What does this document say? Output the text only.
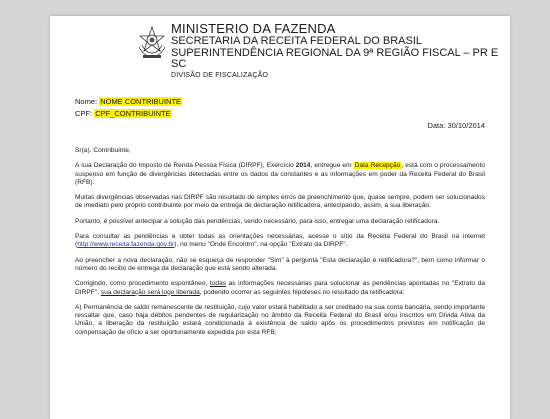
MINISTERIO DA FAZENDA
SECRETARIA DA RECEITA FEDERAL DO BRASIL
SUPERINTENDÊNCIA REGIONAL DA 9ª REGIÃO FISCAL – PR E SC
DIVISÃO DE FISCALIZAÇÃO
Nome: NOME CONTRIBUINTE
CPF: CPF_CONTRIBUINTE
Data: 30/10/2014

Sr(a). Contribuinte,

A sua Declaração do Imposto de Renda Pessoa Física (DIRPF), Exercício 2014, entregue em Data Recepção, está com o processamento suspenso em função de divergências detectadas entre os dados da constantes e as informações em poder da Receita Federal do Brasil (RFB).

Muitas divergências observadas nas DIRPF são resultado de simples erros de preenchimento que, quase sempre, podem ser solucionados de imediato pelo próprio contribuinte por meio da entrega de declaração retificadora, antecipando, assim, a sua liberação.

Portanto, é possível antecipar a solução das pendências, sendo necessário, para isso, entregar uma declaração retificadora.

Para consultar as pendências e obter todas as orientações necessárias, acesse o sítio da Receita Federal do Brasil na internet (http://www.receita.fazenda.gov.br), no menu "Onde Encontro", na opção "Extrato da DIRPF".

Ao preencher a nova declaração, não se esqueça de responder "Sim" à pergunta "Esta declaração é retificadora?", bem como informar o número do recibo de entrega da declaração que está sendo alterada.

Corrigindo, como procedimento espontâneo, todas as informações necessárias para solucionar as pendências apontadas no "Extrato da DIRPF", sua declaração será logo liberada, podendo ocorrer as seguintes hipóteses no resultado da retificadora:

A) Permanência de saldo remanescente de restituição, cujo valor estará habilitado a ser creditado na sua conta bancária, sendo importante ressaltar que, caso haja débitos pendentes de regularização no âmbito da Receita Federal do Brasil e/ou inscritos em Dívida Ativa da União, a liberação da restituição estará condicionada à existência de saldo após os procedimentos previstos em notificação de compensação de ofício a ser oportunamente expedida por esta RFB;
